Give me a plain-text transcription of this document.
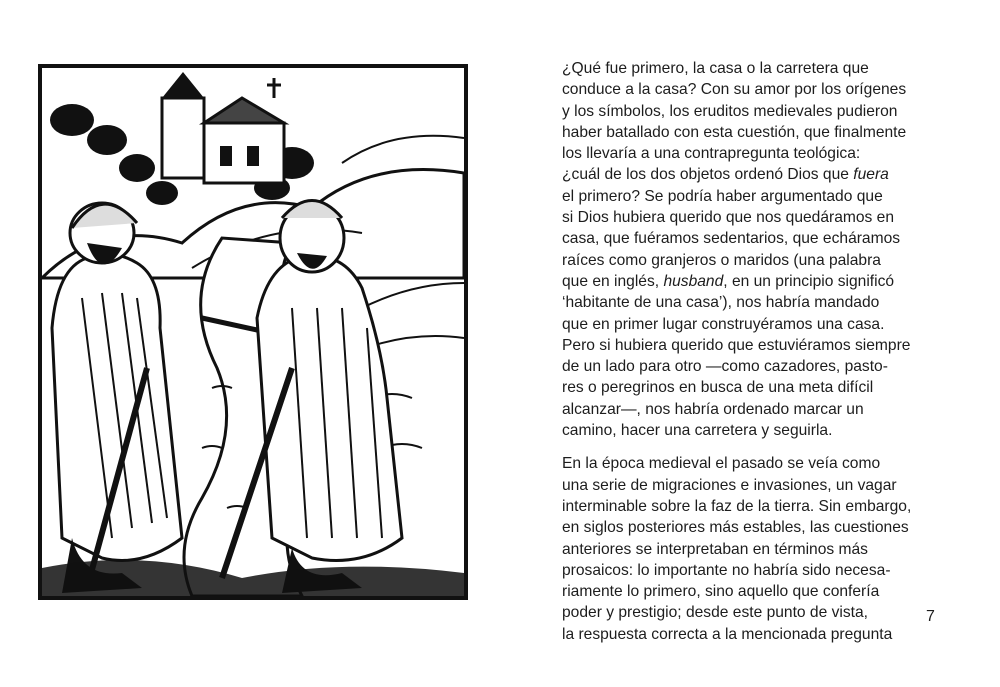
¿Qué fue primero, la casa o la carretera que
conduce a la casa? Con su amor por los orígenes
y los símbolos, los eruditos medievales pudieron
haber batallado con esta cuestión, que finalmente
los llevaría a una contrapregunta teológica:
¿cuál de los dos objetos ordenó Dios que fuera
el primero? Se podría haber argumentado que
si Dios hubiera querido que nos quedáramos en
casa, que fuéramos sedentarios, que echáramos
raíces como granjeros o maridos (una palabra
que en inglés, husband, en un principio significó
‘habitante de una casa’), nos habría mandado
que en primer lugar construyéramos una casa.
Pero si hubiera querido que estuviéramos siempre
de un lado para otro —como cazadores, pasto-
res o peregrinos en busca de una meta difícil
alcanzar—, nos habría ordenado marcar un
camino, hacer una carretera y seguirla.

En la época medieval el pasado se veía como
una serie de migraciones e invasiones, un vagar
interminable sobre la faz de la tierra. Sin embargo,
en siglos posteriores más estables, las cuestiones
anteriores se interpretaban en términos más
prosaicos: lo importante no habría sido necesa-
riamente lo primero, sino aquello que confería
poder y prestigio; desde este punto de vista,
la respuesta correcta a la mencionada pregunta

7
